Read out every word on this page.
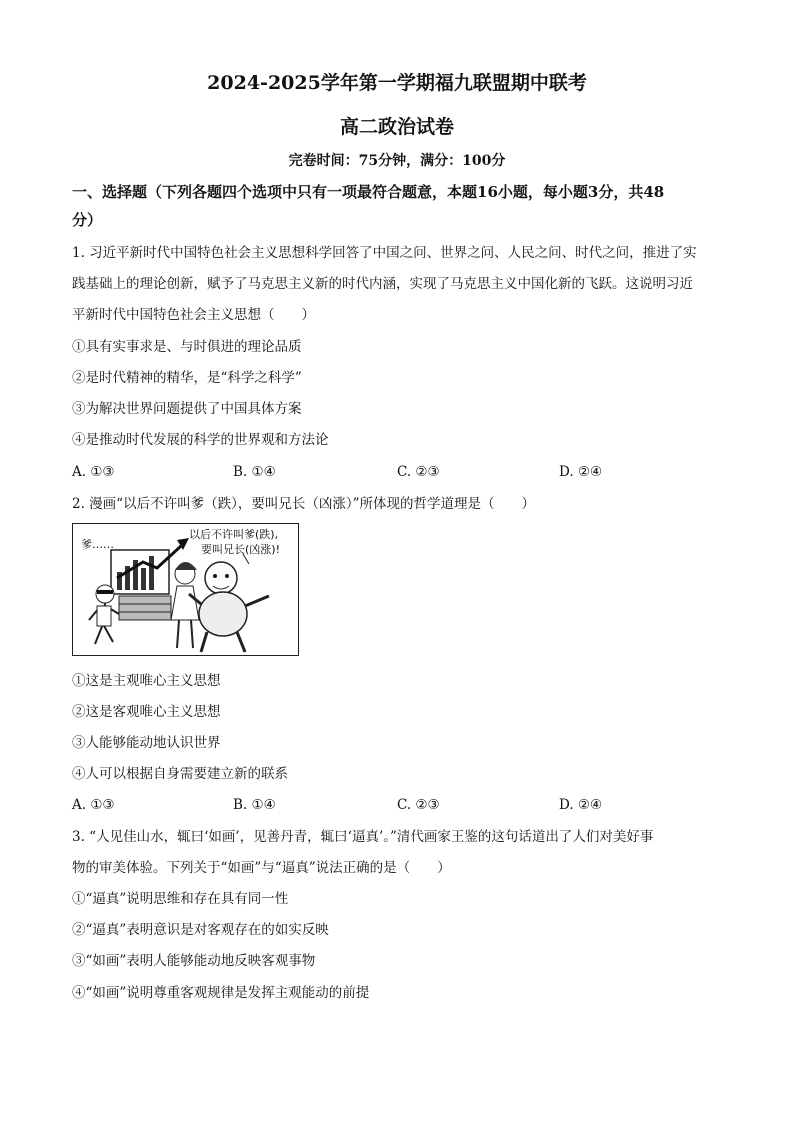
2024-2025学年第一学期福九联盟期中联考
高二政治试卷
完卷时间：75分钟，满分：100分
一、选择题（下列各题四个选项中只有一项最符合题意，本题16小题，每小题3分，共48
分）
1. 习近平新时代中国特色社会主义思想科学回答了中国之问、世界之问、人民之问、时代之问，推进了实
践基础上的理论创新，赋予了马克思主义新的时代内涵，实现了马克思主义中国化新的飞跃。这说明习近
平新时代中国特色社会主义思想（　　）
①具有实事求是、与时俱进的理论品质
②是时代精神的精华，是“科学之科学”
③为解决世界问题提供了中国具体方案
④是推动时代发展的科学的世界观和方法论
A. ①③	B. ①④	C. ②③	D. ②④
2. 漫画“以后不许叫爹（跌），要叫兄长（凶涨）”所体现的哲学道理是（　　）
爹……
以后不许叫爹(跌),
要叫兄长(凶涨)!
①这是主观唯心主义思想
②这是客观唯心主义思想
③人能够能动地认识世界
④人可以根据自身需要建立新的联系
A. ①③	B. ①④	C. ②③	D. ②④
3. “人见佳山水，辄曰‘如画’，见善丹青，辄曰‘逼真’。”清代画家王鉴的这句话道出了人们对美好事
物的审美体验。下列关于“如画”与“逼真”说法正确的是（　　）
①“逼真”说明思维和存在具有同一性
②“逼真”表明意识是对客观存在的如实反映
③“如画”表明人能够能动地反映客观事物
④“如画”说明尊重客观规律是发挥主观能动的前提
